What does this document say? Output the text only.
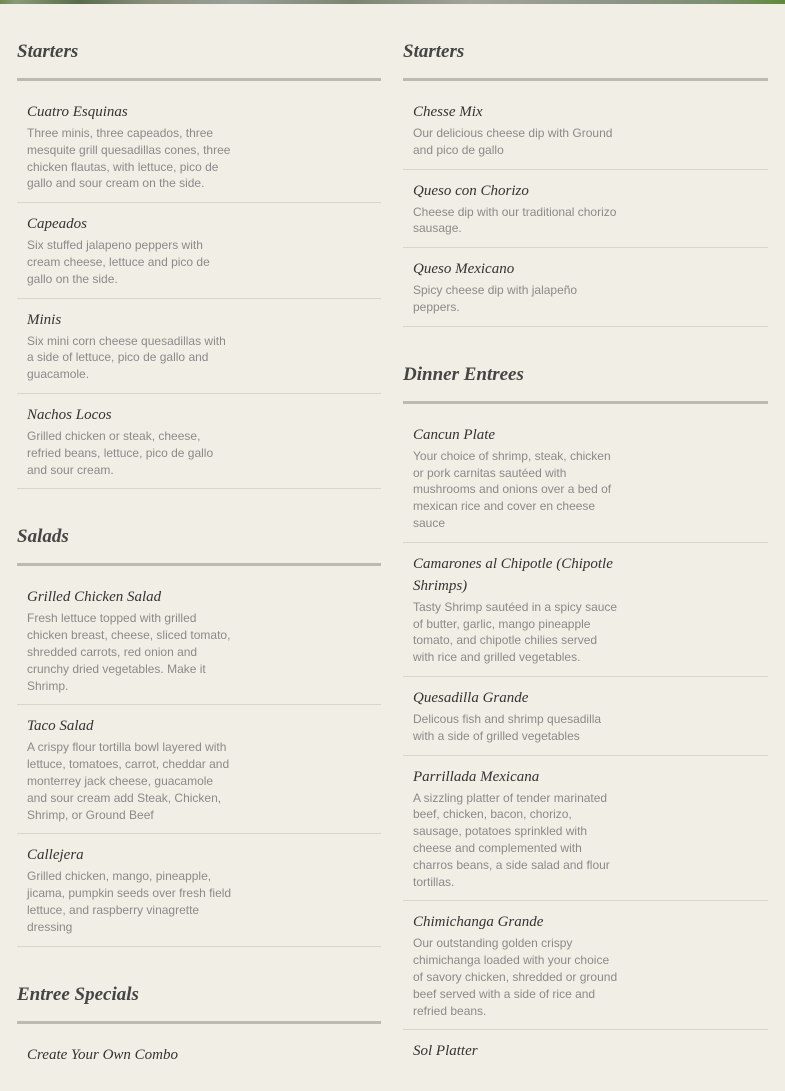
Starters

Cuatro Esquinas

Three minis, three capeados, three mesquite grill quesadillas cones, three chicken flautas, with lettuce, pico de gallo and sour cream on the side.

Capeados

Six stuffed jalapeno peppers with cream cheese, lettuce and pico de gallo on the side.

Minis

Six mini corn cheese quesadillas with a side of lettuce, pico de gallo and guacamole.

Nachos Locos

Grilled chicken or steak, cheese, refried beans, lettuce, pico de gallo and sour cream.

Salads

Grilled Chicken Salad

Fresh lettuce topped with grilled chicken breast, cheese, sliced tomato, shredded carrots, red onion and crunchy dried vegetables. Make it Shrimp.

Taco Salad

A crispy flour tortilla bowl layered with lettuce, tomatoes, carrot, cheddar and monterrey jack cheese, guacamole and sour cream add Steak, Chicken, Shrimp, or Ground Beef

Callejera

Grilled chicken, mango, pineapple, jicama, pumpkin seeds over fresh field lettuce, and raspberry vinagrette dressing

Entree Specials

Create Your Own Combo

Starters

Chesse Mix

Our delicious cheese dip with Ground and pico de gallo

Queso con Chorizo

Cheese dip with our traditional chorizo sausage.

Queso Mexicano

Spicy cheese dip with jalapeño peppers.

Dinner Entrees

Cancun Plate

Your choice of shrimp, steak, chicken or pork carnitas sautéed with mushrooms and onions over a bed of mexican rice and cover en cheese sauce

Camarones al Chipotle (Chipotle Shrimps)

Tasty Shrimp sautéed in a spicy sauce of butter, garlic, mango pineapple tomato, and chipotle chilies served with rice and grilled vegetables.

Quesadilla Grande

Delicous fish and shrimp quesadilla with a side of grilled vegetables

Parrillada Mexicana

A sizzling platter of tender marinated beef, chicken, bacon, chorizo, sausage, potatoes sprinkled with cheese and complemented with charros beans, a side salad and flour tortillas.

Chimichanga Grande

Our outstanding golden crispy chimichanga loaded with your choice of savory chicken, shredded or ground beef served with a side of rice and refried beans.

Sol Platter
